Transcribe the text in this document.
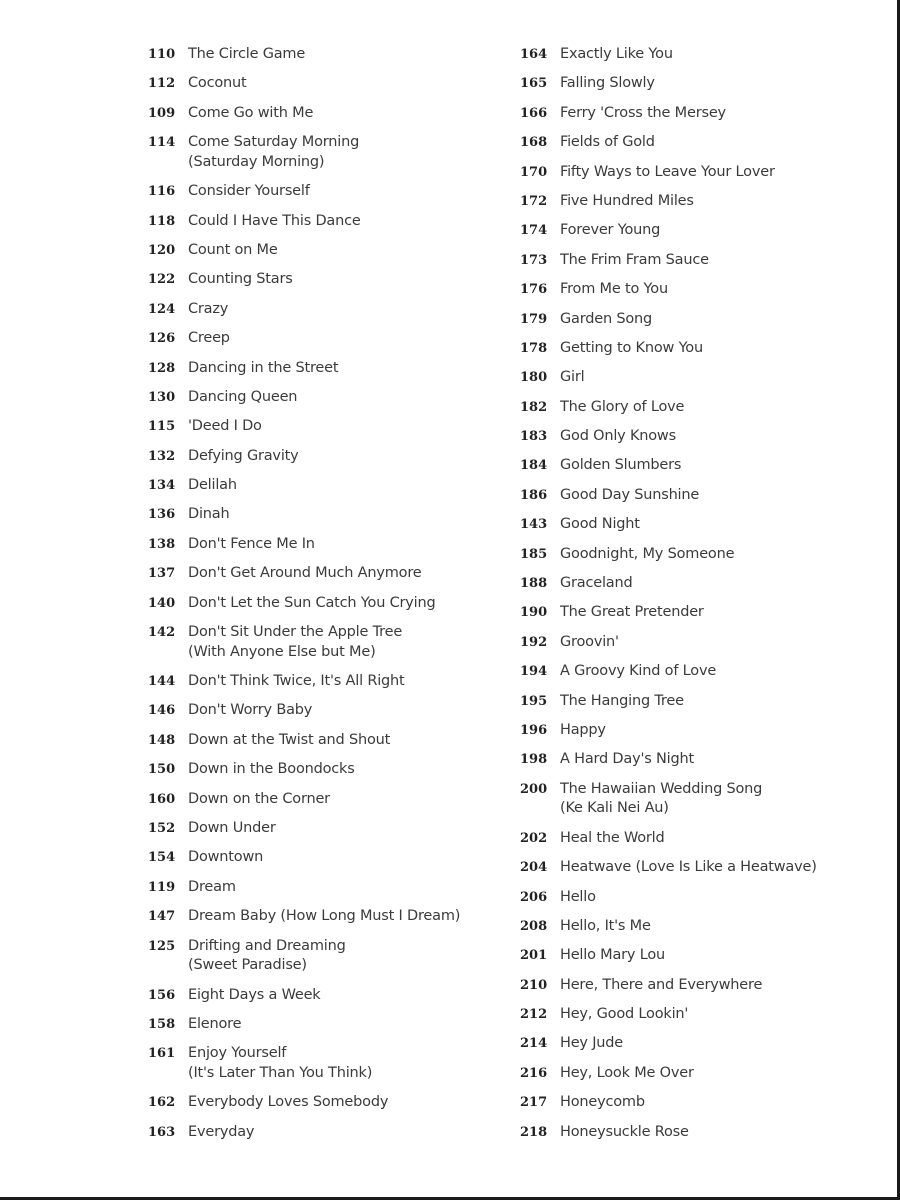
110 The Circle Game
112 Coconut
109 Come Go with Me
114 Come Saturday Morning
(Saturday Morning)
116 Consider Yourself
118 Could I Have This Dance
120 Count on Me
122 Counting Stars
124 Crazy
126 Creep
128 Dancing in the Street
130 Dancing Queen
115 'Deed I Do
132 Defying Gravity
134 Delilah
136 Dinah
138 Don't Fence Me In
137 Don't Get Around Much Anymore
140 Don't Let the Sun Catch You Crying
142 Don't Sit Under the Apple Tree
(With Anyone Else but Me)
144 Don't Think Twice, It's All Right
146 Don't Worry Baby
148 Down at the Twist and Shout
150 Down in the Boondocks
160 Down on the Corner
152 Down Under
154 Downtown
119 Dream
147 Dream Baby (How Long Must I Dream)
125 Drifting and Dreaming
(Sweet Paradise)
156 Eight Days a Week
158 Elenore
161 Enjoy Yourself
(It's Later Than You Think)
162 Everybody Loves Somebody
163 Everyday
164 Exactly Like You
165 Falling Slowly
166 Ferry 'Cross the Mersey
168 Fields of Gold
170 Fifty Ways to Leave Your Lover
172 Five Hundred Miles
174 Forever Young
173 The Frim Fram Sauce
176 From Me to You
179 Garden Song
178 Getting to Know You
180 Girl
182 The Glory of Love
183 God Only Knows
184 Golden Slumbers
186 Good Day Sunshine
143 Good Night
185 Goodnight, My Someone
188 Graceland
190 The Great Pretender
192 Groovin'
194 A Groovy Kind of Love
195 The Hanging Tree
196 Happy
198 A Hard Day's Night
200 The Hawaiian Wedding Song
(Ke Kali Nei Au)
202 Heal the World
204 Heatwave (Love Is Like a Heatwave)
206 Hello
208 Hello, It's Me
201 Hello Mary Lou
210 Here, There and Everywhere
212 Hey, Good Lookin'
214 Hey Jude
216 Hey, Look Me Over
217 Honeycomb
218 Honeysuckle Rose
